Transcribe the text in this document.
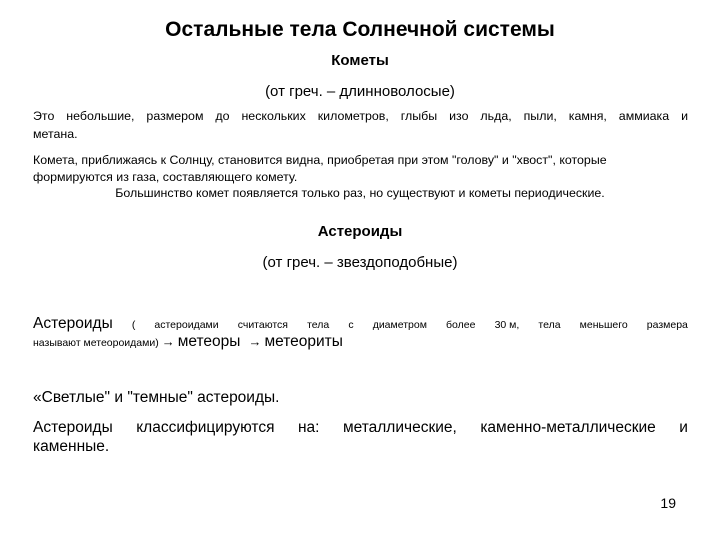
Остальные тела Солнечной системы
Кометы
(от греч. – длинноволосые)
Это небольшие, размером до нескольких километров, глыбы изо льда, пыли, камня, аммиака и
метана.
Комета, приближаясь к Солнцу, становится видна, приобретая при этом "голову" и "хвост", которые
формируются из газа, составляющего комету.
Большинство комет появляется только раз, но существуют и кометы периодические.
Астероиды
(от греч. – звездоподобные)
Астероиды ( астероидами считаются тела с диаметром более 30 м, тела меньшего размера
называют метеороидами) → метеоры → метеориты
«Светлые" и "темные" астероиды.
Астероиды классифицируются на: металлические, каменно-металлические и
каменные.
19
